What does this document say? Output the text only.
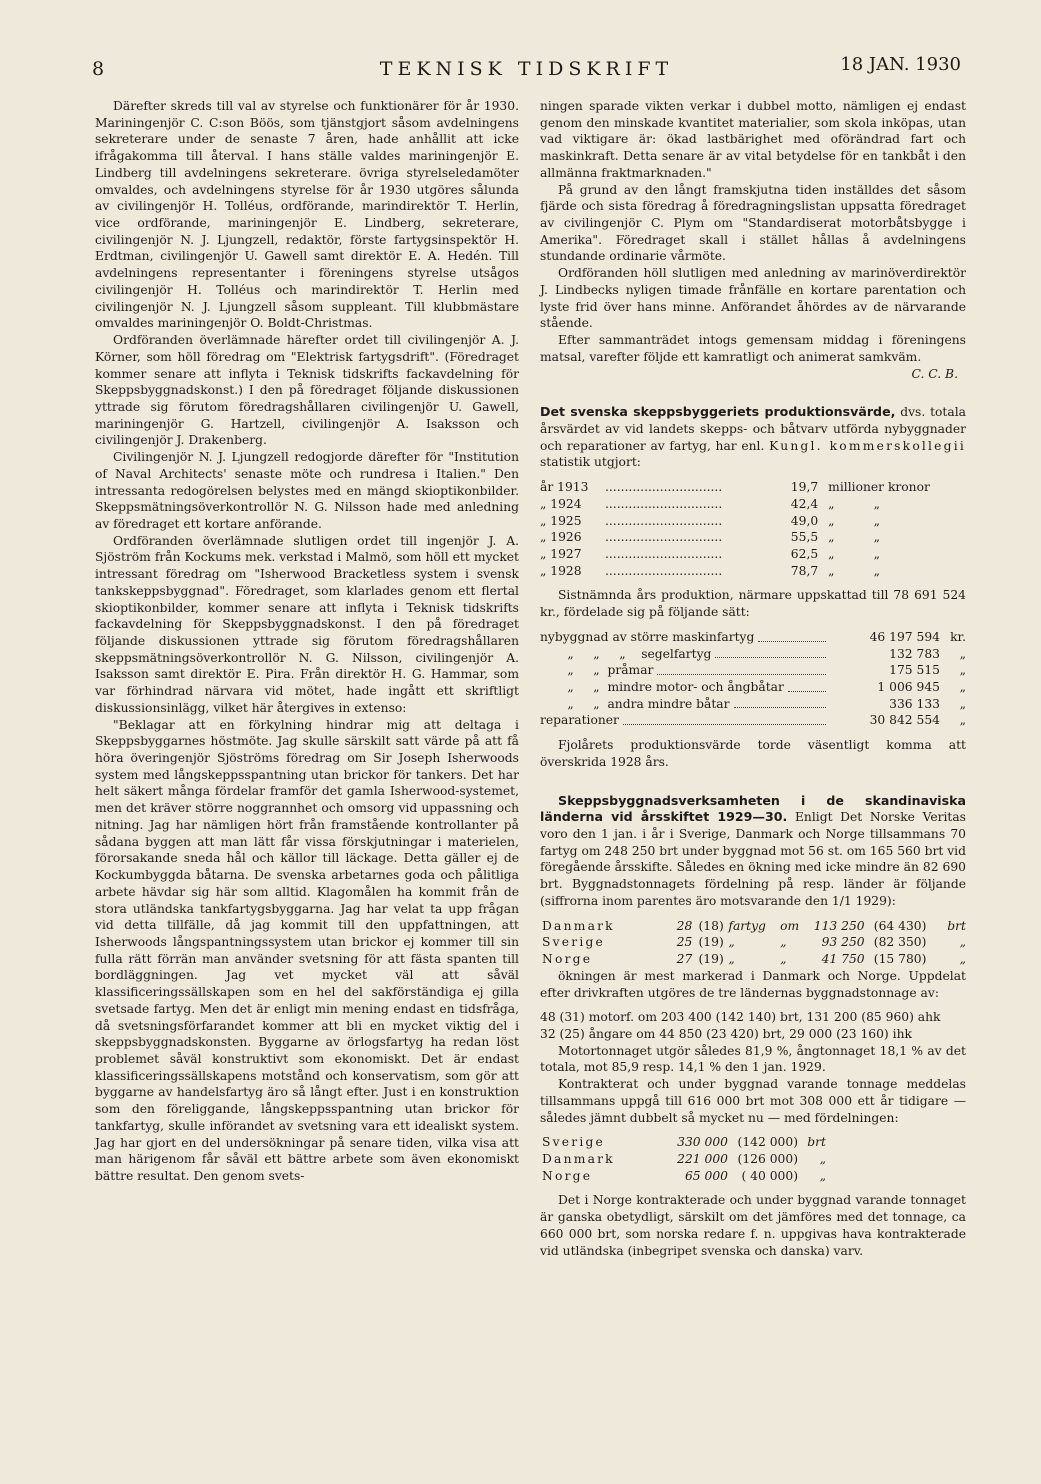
8	TEKNISK TIDSKRIFT	18 JAN. 1930

Därefter skreds till val av styrelse och funktionärer för år 1930. Mariningenjör C. C:son Böös, som tjänstgjort såsom avdelningens sekreterare under de senaste 7 åren, hade anhållit att icke ifrågakomma till återval. I hans ställe valdes mariningenjör E. Lindberg till avdelningens sekreterare. övriga styrelseledamöter omvaldes, och avdelningens styrelse för år 1930 utgöres sålunda av civilingenjör H. Tolléus, ordförande, marindirektör T. Herlin, vice ordförande, mariningenjör E. Lindberg, sekreterare, civilingenjör N. J. Ljungzell, redaktör, förste fartygsinspektör H. Erdtman, civilingenjör U. Gawell samt direktör E. A. Hedén. Till avdelningens representanter i föreningens styrelse utsågos civilingenjör H. Tolléus och marindirektör T. Herlin med civilingenjör N. J. Ljungzell såsom suppleant. Till klubbmästare omvaldes mariningenjör O. Boldt-Christmas.

Ordföranden överlämnade härefter ordet till civilingenjör A. J. Körner, som höll föredrag om "Elektrisk fartygsdrift". (Föredraget kommer senare att inflyta i Teknisk tidskrifts fackavdelning för Skeppsbyggnadskonst.) I den på föredraget följande diskussionen yttrade sig förutom föredragshållaren civilingenjör U. Gawell, mariningenjör G. Hartzell, civilingenjör A. Isaksson och civilingenjör J. Drakenberg.

Civilingenjör N. J. Ljungzell redogjorde därefter för "Institution of Naval Architects' senaste möte och rundresa i Italien." Den intressanta redogörelsen belystes med en mängd skioptikonbilder. Skeppsmätningsöverkontrollör N. G. Nilsson hade med anledning av föredraget ett kortare anförande.

Ordföranden överlämnade slutligen ordet till ingenjör J. A. Sjöström från Kockums mek. verkstad i Malmö, som höll ett mycket intressant föredrag om "Isherwood Bracketless system i svensk tankskeppsbyggnad". Föredraget, som klarlades genom ett flertal skioptikonbilder, kommer senare att inflyta i Teknisk tidskrifts fackavdelning för Skeppsbyggnadskonst. I den på föredraget följande diskussionen yttrade sig förutom föredragshållaren skeppsmätningsöverkontrollör N. G. Nilsson, civilingenjör A. Isaksson samt direktör E. Pira. Från direktör H. G. Hammar, som var förhindrad närvara vid mötet, hade ingått ett skriftligt diskussionsinlägg, vilket här återgives in extenso:

"Beklagar att en förkylning hindrar mig att deltaga i Skeppsbyggarnes höstmöte. Jag skulle särskilt satt värde på att få höra överingenjör Sjöströms föredrag om Sir Joseph Isherwoods system med långskeppsspantning utan brickor för tankers. Det har helt säkert många fördelar framför det gamla Isherwood-systemet, men det kräver större noggrannhet och omsorg vid uppassning och nitning. Jag har nämligen hört från framstående kontrollanter på sådana byggen att man lätt får vissa förskjutningar i materielen, förorsakande sneda hål och källor till läckage. Detta gäller ej de Kockumbyggda båtarna. De svenska arbetarnes goda och pålitliga arbete hävdar sig här som alltid. Klagomålen ha kommit från de stora utländska tankfartygsbyggarna. Jag har velat ta upp frågan vid detta tillfälle, då jag kommit till den uppfattningen, att Isherwoods långspantningssystem utan brickor ej kommer till sin fulla rätt förrän man använder svetsning för att fästa spanten till bordläggningen. Jag vet mycket väl att såväl klassificeringssällskapen som en hel del sakförständiga ej gilla svetsade fartyg. Men det är enligt min mening endast en tidsfråga, då svetsningsförfarandet kommer att bli en mycket viktig del i skeppsbyggnadskonsten. Byggarne av örlogsfartyg ha redan löst problemet såväl konstruktivt som ekonomiskt. Det är endast klassificeringssällskapens motstånd och konservatism, som gör att byggarne av handelsfartyg äro så långt efter. Just i en konstruktion som den föreliggande, långskeppsspantning utan brickor för tankfartyg, skulle införandet av svetsning vara ett idealiskt system. Jag har gjort en del undersökningar på senare tiden, vilka visa att man härigenom får såväl ett bättre arbete som även ekonomiskt bättre resultat. Den genom svets-

ningen sparade vikten verkar i dubbel motto, nämligen ej endast genom den minskade kvantitet materialier, som skola inköpas, utan vad viktigare är: ökad lastbärighet med oförändrad fart och maskinkraft. Detta senare är av vital betydelse för en tankbåt i den allmänna fraktmarknaden."

På grund av den långt framskjutna tiden inställdes det såsom fjärde och sista föredrag å föredragningslistan uppsatta föredraget av civilingenjör C. Plym om "Standardiserat motorbåtsbygge i Amerika". Föredraget skall i stället hållas å avdelningens stundande ordinarie vårmöte.

Ordföranden höll slutligen med anledning av marinöverdirektör J. Lindbecks nyligen timade frånfälle en kortare parentation och lyste frid över hans minne. Anförandet åhördes av de närvarande stående.

Efter sammanträdet intogs gemensam middag i föreningens matsal, varefter följde ett kamratligt och animerat samkväm.

C. C. B.

Det svenska skeppsbyggeriets produktionsvärde, dvs. totala årsvärdet av vid landets skepps- och båtvarv utförda nybyggnader och reparationer av fartyg, har enl. Kungl. kommerskollegii statistik utgjort:

år 1913	..............................	19,7	millioner kronor
„ 1924	..............................	42,4	„          „
„ 1925	..............................	49,0	„          „
„ 1926	..............................	55,5	„          „
„ 1927	..............................	62,5	„          „
„ 1928	..............................	78,7	„          „

Sistnämnda års produktion, närmare uppskattad till 78 691 524 kr., fördelade sig på följande sätt:

nybyggnad av större maskinfartyg	46 197 594 kr.
„     „     „    segelfartyg	132 783	„
„     „  pråmar	175 515	„
„     „  mindre motor- och ångbåtar	1 006 945	„
„     „  andra mindre båtar	336 133	„
reparationer	30 842 554	„

Fjolårets produktionsvärde torde väsentligt komma att överskrida 1928 års.

Skeppsbyggnadsverksamheten i de skandinaviska länderna vid årsskiftet 1929—30. Enligt Det Norske Veritas voro den 1 jan. i år i Sverige, Danmark och Norge tillsammans 70 fartyg om 248 250 brt under byggnad mot 56 st. om 165 560 brt vid föregående årsskifte. Således en ökning med icke mindre än 82 690 brt. Byggnadstonnagets fördelning på resp. länder är följande (siffrorna inom parentes äro motsvarande den 1/1 1929):

Danmark	28	(18)	fartyg	om	113 250	(64 430)	brt
Sverige	25	(19)	„	„	93 250	(82 350)	„
Norge	27	(19)	„	„	41 750	(15 780)	„

ökningen är mest markerad i Danmark och Norge. Uppdelat efter drivkraften utgöres de tre ländernas byggnadstonnage av:

48 (31) motorf. om 203 400 (142 140) brt, 131 200 (85 960) ahk

32 (25) ångare om 44 850 (23 420) brt, 29 000 (23 160) ihk

Motortonnaget utgör således 81,9 %, ångtonnaget 18,1 % av det totala, mot 85,9 resp. 14,1 % den 1 jan. 1929.

Kontrakterat och under byggnad varande tonnage meddelas tillsammans uppgå till 616 000 brt mot 308 000 ett år tidigare — således jämnt dubbelt så mycket nu — med fördelningen:

Sverige	330 000	(142 000)	brt
Danmark	221 000	(126 000)	„
Norge	65 000	( 40 000)	„

Det i Norge kontrakterade och under byggnad varande tonnaget är ganska obetydligt, särskilt om det jämföres med det tonnage, ca 660 000 brt, som norska redare f. n. uppgivas hava kontrakterade vid utländska (inbegripet svenska och danska) varv.
